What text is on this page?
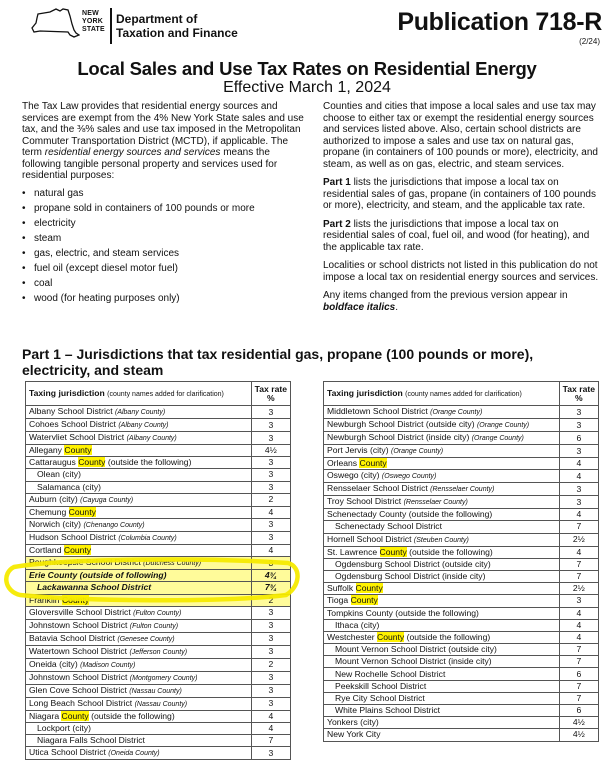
NEW
YORK
STATE
Department of
Taxation and Finance	Publication 718-R
(2/24)
Local Sales and Use Tax Rates on Residential Energy
Effective March 1, 2024

The Tax Law provides that residential energy sources and services are exempt from the 4% New York State sales and use tax, and the ⅜% sales and use tax imposed in the Metropolitan Commuter Transportation District (MCTD), if applicable. The term residential energy sources and services means the following tangible personal property and services used for residential purposes:

• natural gas
• propane sold in containers of 100 pounds or more
• electricity
• steam
• gas, electric, and steam services
• fuel oil (except diesel motor fuel)
• coal
• wood (for heating purposes only)

Counties and cities that impose a local sales and use tax may choose to either tax or exempt the residential energy sources and services listed above. Also, certain school districts are authorized to impose a sales and use tax on natural gas, propane (in containers of 100 pounds or more), electricity, and steam, as well as on gas, electric, and steam services.

Part 1 lists the jurisdictions that impose a local tax on residential sales of gas, propane (in containers of 100 pounds or more), electricity, and steam, and the applicable tax rate.

Part 2 lists the jurisdictions that impose a local tax on residential sales of coal, fuel oil, and wood (for heating), and the applicable tax rate.

Localities or school districts not listed in this publication do not impose a local tax on residential energy sources and services.

Any items changed from the previous version appear in boldface italics.

Part 1 – Jurisdictions that tax residential gas, propane (100 pounds or more), electricity, and steam
Taxing jurisdiction (county names added for clarification)	Tax rate
%

Albany School District (Albany County)	3
Cohoes School District (Albany County)	3
Watervliet School District (Albany County)	3
Allegany County	4½
Cattaraugus County (outside the following)	3
Olean (city)	3
Salamanca (city)	3
Auburn (city) (Cayuga County)	2
Chemung County	4
Norwich (city) (Chenango County)	3
Hudson School District (Columbia County)	3
Cortland County	4
Poughkeepsie School District (Dutchess County)	3
Erie County (outside of following)	4¾
Lackawanna School District	7¾
Franklin County	2
Gloversville School District (Fulton County)	3
Johnstown School District (Fulton County)	3
Batavia School District (Genesee County)	3
Watertown School District (Jefferson County)	3
Oneida (city) (Madison County)	2
Johnstown School District (Montgomery County)	3
Glen Cove School District (Nassau County)	3
Long Beach School District (Nassau County)	3
Niagara County (outside the following)	4
Lockport (city)	4
Niagara Falls School District	7
Utica School District (Oneida County)	3
Taxing jurisdiction (county names added for clarification)	Tax rate
%

Middletown School District (Orange County)	3
Newburgh School District (outside city) (Orange County)	3
Newburgh School District (inside city) (Orange County)	6
Port Jervis (city) (Orange County)	3
Orleans County	4
Oswego (city) (Oswego County)	4
Rensselaer School District (Rensselaer County)	3
Troy School District (Rensselaer County)	3
Schenectady County (outside the following)	4
Schenectady School District	7
Hornell School District (Steuben County)	2½
St. Lawrence County (outside the following)	4
Ogdensburg School District (outside city)	7
Ogdensburg School District (inside city)	7
Suffolk County	2½
Tioga County	3
Tompkins County (outside the following)	4
Ithaca (city)	4
Westchester County (outside the following)	4
Mount Vernon School District (outside city)	7
Mount Vernon School District (inside city)	7
New Rochelle School District	6
Peekskill School District	7
Rye City School District	7
White Plains School District	6
Yonkers (city)	4½
New York City	4½
